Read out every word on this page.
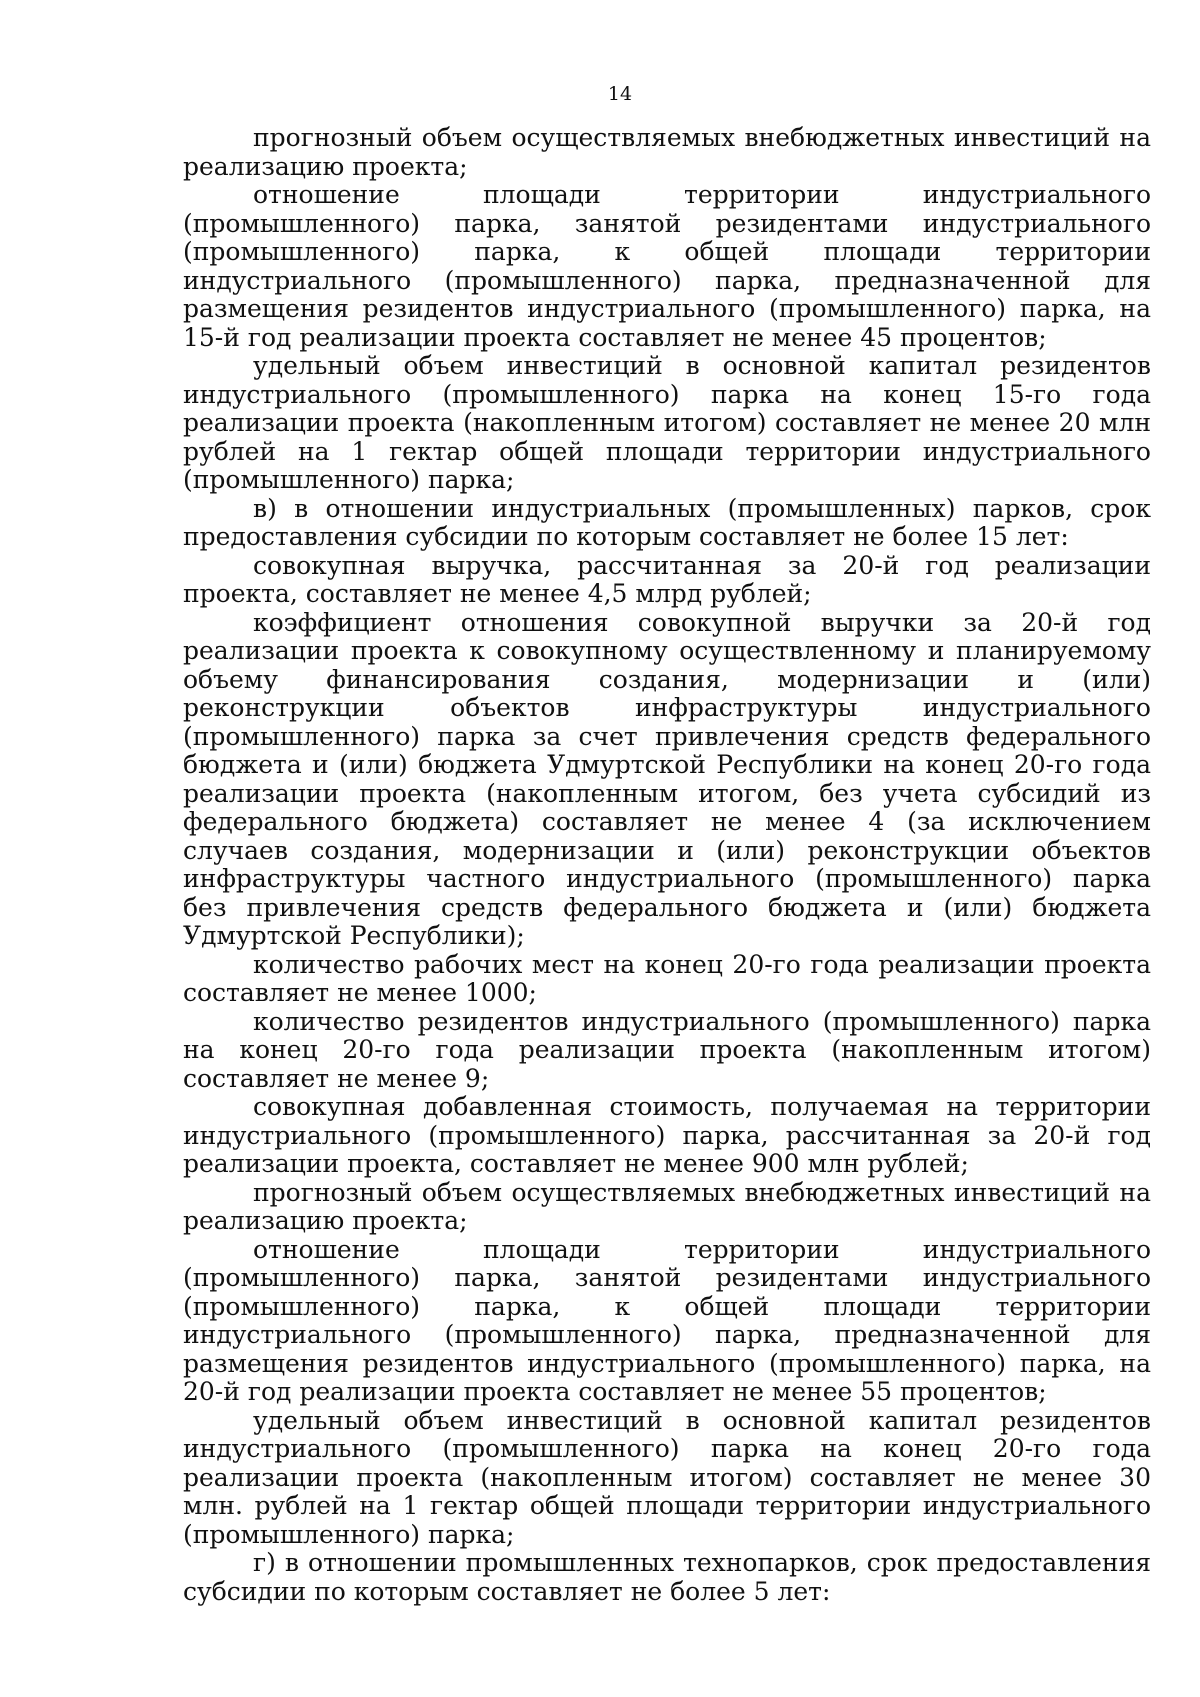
14

прогнозный объем осуществляемых внебюджетных инвестиций на реализацию проекта;

отношение площади территории индустриального (промышленного) парка, занятой резидентами индустриального (промышленного) парка, к общей площади территории индустриального (промышленного) парка, предназначенной для размещения резидентов индустриального (промышленного) парка, на 15-й год реализации проекта составляет не менее 45 процентов;

удельный объем инвестиций в основной капитал резидентов индустриального (промышленного) парка на конец 15-го года реализации проекта (накопленным итогом) составляет не менее 20 млн рублей на 1 гектар общей площади территории индустриального (промышленного) парка;

в) в отношении индустриальных (промышленных) парков, срок предоставления субсидии по которым составляет не более 15 лет:

совокупная выручка, рассчитанная за 20-й год реализации проекта, составляет не менее 4,5 млрд рублей;

коэффициент отношения совокупной выручки за 20-й год реализации проекта к совокупному осуществленному и планируемому объему финансирования создания, модернизации и (или) реконструкции объектов инфраструктуры индустриального (промышленного) парка за счет привлечения средств федерального бюджета и (или) бюджета Удмуртской Республики на конец 20-го года реализации проекта (накопленным итогом, без учета субсидий из федерального бюджета) составляет не менее 4 (за исключением случаев создания, модернизации и (или) реконструкции объектов инфраструктуры частного индустриального (промышленного) парка без привлечения средств федерального бюджета и (или) бюджета Удмуртской Республики);

количество рабочих мест на конец 20-го года реализации проекта составляет не менее 1000;

количество резидентов индустриального (промышленного) парка на конец 20-го года реализации проекта (накопленным итогом) составляет не менее 9;

совокупная добавленная стоимость, получаемая на территории индустриального (промышленного) парка, рассчитанная за 20-й год реализации проекта, составляет не менее 900 млн рублей;

прогнозный объем осуществляемых внебюджетных инвестиций на реализацию проекта;

отношение площади территории индустриального (промышленного) парка, занятой резидентами индустриального (промышленного) парка, к общей площади территории индустриального (промышленного) парка, предназначенной для размещения резидентов индустриального (промышленного) парка, на 20-й год реализации проекта составляет не менее 55 процентов;

удельный объем инвестиций в основной капитал резидентов индустриального (промышленного) парка на конец 20-го года реализации проекта (накопленным итогом) составляет не менее 30 млн. рублей на 1 гектар общей площади территории индустриального (промышленного) парка;

г) в отношении промышленных технопарков, срок предоставления субсидии по которым составляет не более 5 лет:
